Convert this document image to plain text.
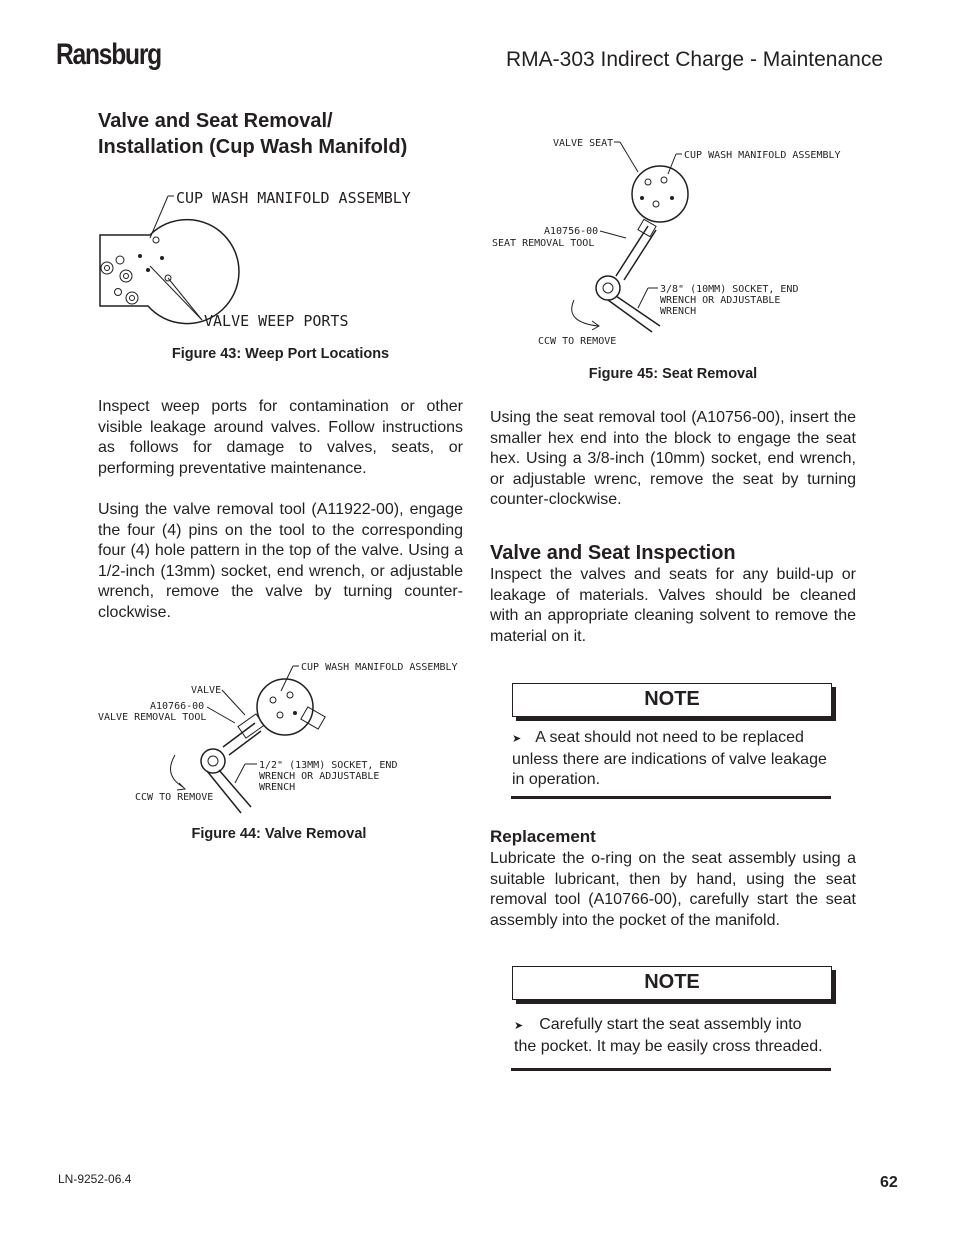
Ransburg	RMA-303 Indirect Charge - Maintenance
Valve and Seat Removal/
Installation (Cup Wash Manifold)
CUP WASH MANIFOLD ASSEMBLY
VALVE WEEP PORTS
Figure 43: Weep Port Locations

Inspect weep ports for contamination or other visible leakage around valves. Follow instructions as follows for damage to valves, seats, or performing preventative maintenance.

Using the valve removal tool (A11922-00), engage the four (4) pins on the tool to the corresponding four (4) hole pattern in the top of the valve. Using a 1/2-inch (13mm) socket, end wrench, or adjustable wrench, remove the valve by turning counter-clockwise.

CUP WASH MANIFOLD ASSEMBLY
VALVE
A10766-00
VALVE REMOVAL TOOL
1/2" (13MM) SOCKET, END
WRENCH OR ADJUSTABLE
WRENCH
CCW TO REMOVE
Figure 44: Valve Removal
VALVE SEAT
CUP WASH MANIFOLD ASSEMBLY
A10756-00
SEAT REMOVAL TOOL
3/8" (10MM) SOCKET, END
WRENCH OR ADJUSTABLE
WRENCH
CCW TO REMOVE
Figure 45: Seat Removal

Using the seat removal tool (A10756-00), insert the smaller hex end into the block to engage the seat hex. Using a 3/8-inch (10mm) socket, end wrench, or adjustable wrenc, remove the seat by turning counter-clockwise.

Valve and Seat Inspection

Inspect the valves and seats for any build-up or leakage of materials. Valves should be cleaned with an appropriate cleaning solvent to remove the material on it.

NOTE

➤ A seat should not need to be replaced unless there are indications of valve leakage in operation.

Replacement

Lubricate the o-ring on the seat assembly using a suitable lubricant, then by hand, using the seat removal tool (A10766-00), carefully start the seat assembly into the pocket of the manifold.

NOTE

➤ Carefully start the seat assembly into the pocket. It may be easily cross threaded.

LN-9252-06.4	62
